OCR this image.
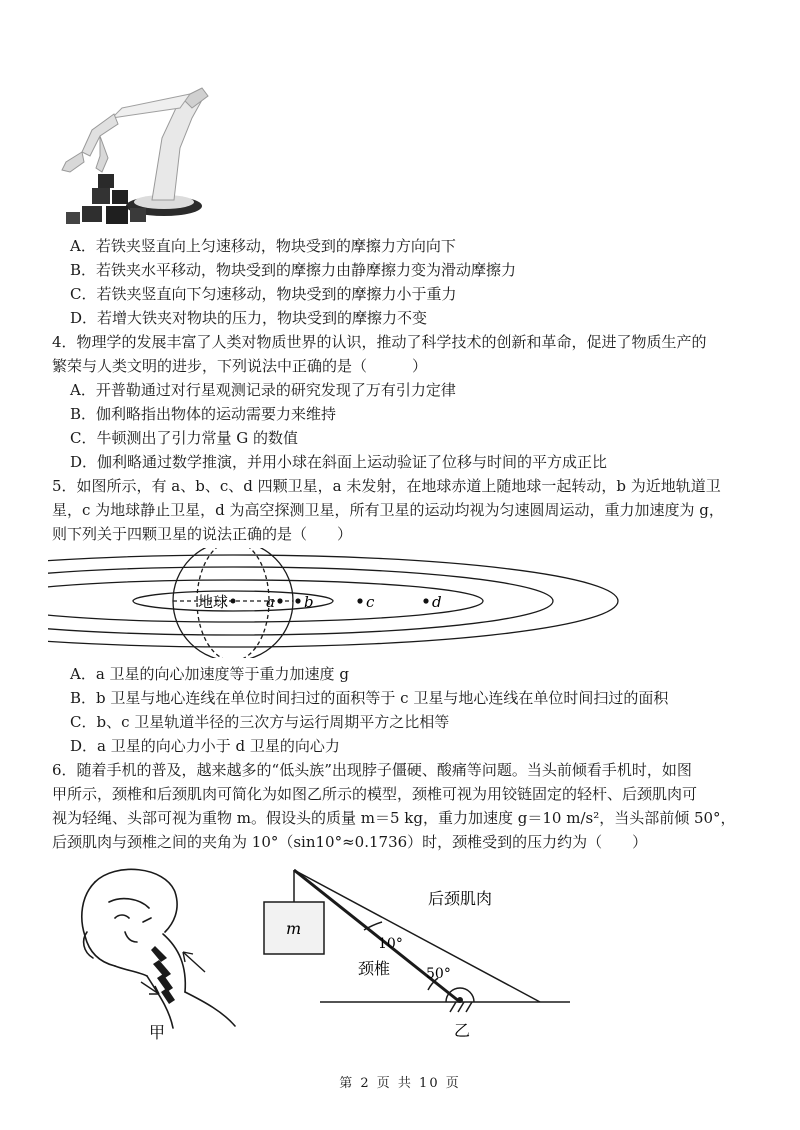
A．若铁夹竖直向上匀速移动，物块受到的摩擦力方向向下
B．若铁夹水平移动，物块受到的摩擦力由静摩擦力变为滑动摩擦力
C．若铁夹竖直向下匀速移动，物块受到的摩擦力小于重力
D．若增大铁夹对物块的压力，物块受到的摩擦力不变
4．物理学的发展丰富了人类对物质世界的认识，推动了科学技术的创新和革命，促进了物质生产的
繁荣与人类文明的进步，下列说法中正确的是（　　　）
A．开普勒通过对行星观测记录的研究发现了万有引力定律
B．伽利略指出物体的运动需要力来维持
C．牛顿测出了引力常量 G 的数值
D．伽利略通过数学推演，并用小球在斜面上运动验证了位移与时间的平方成正比
5．如图所示，有 a、b、c、d 四颗卫星，a 未发射，在地球赤道上随地球一起转动，b 为近地轨道卫
星，c 为地球静止卫星，d 为高空探测卫星，所有卫星的运动均视为匀速圆周运动，重力加速度为 g，
则下列关于四颗卫星的说法正确的是（　　）
地球	a b	c	d
A．a 卫星的向心加速度等于重力加速度 g
B．b 卫星与地心连线在单位时间扫过的面积等于 c 卫星与地心连线在单位时间扫过的面积
C．b、c 卫星轨道半径的三次方与运行周期平方之比相等
D．a 卫星的向心力小于 d 卫星的向心力
6．随着手机的普及，越来越多的“低头族”出现脖子僵硬、酸痛等问题。当头前倾看手机时，如图
甲所示，颈椎和后颈肌肉可简化为如图乙所示的模型，颈椎可视为用铰链固定的轻杆、后颈肌肉可
视为轻绳、头部可视为重物 m。假设头的质量 m＝5 kg，重力加速度 g＝10 m/s²，当头部前倾 50°，
后颈肌肉与颈椎之间的夹角为 10°（sin10°≈0.1736）时，颈椎受到的压力约为（　　）
甲
m
后颈肌肉
10°
颈椎	50°
乙
第 2 页 共 10 页
